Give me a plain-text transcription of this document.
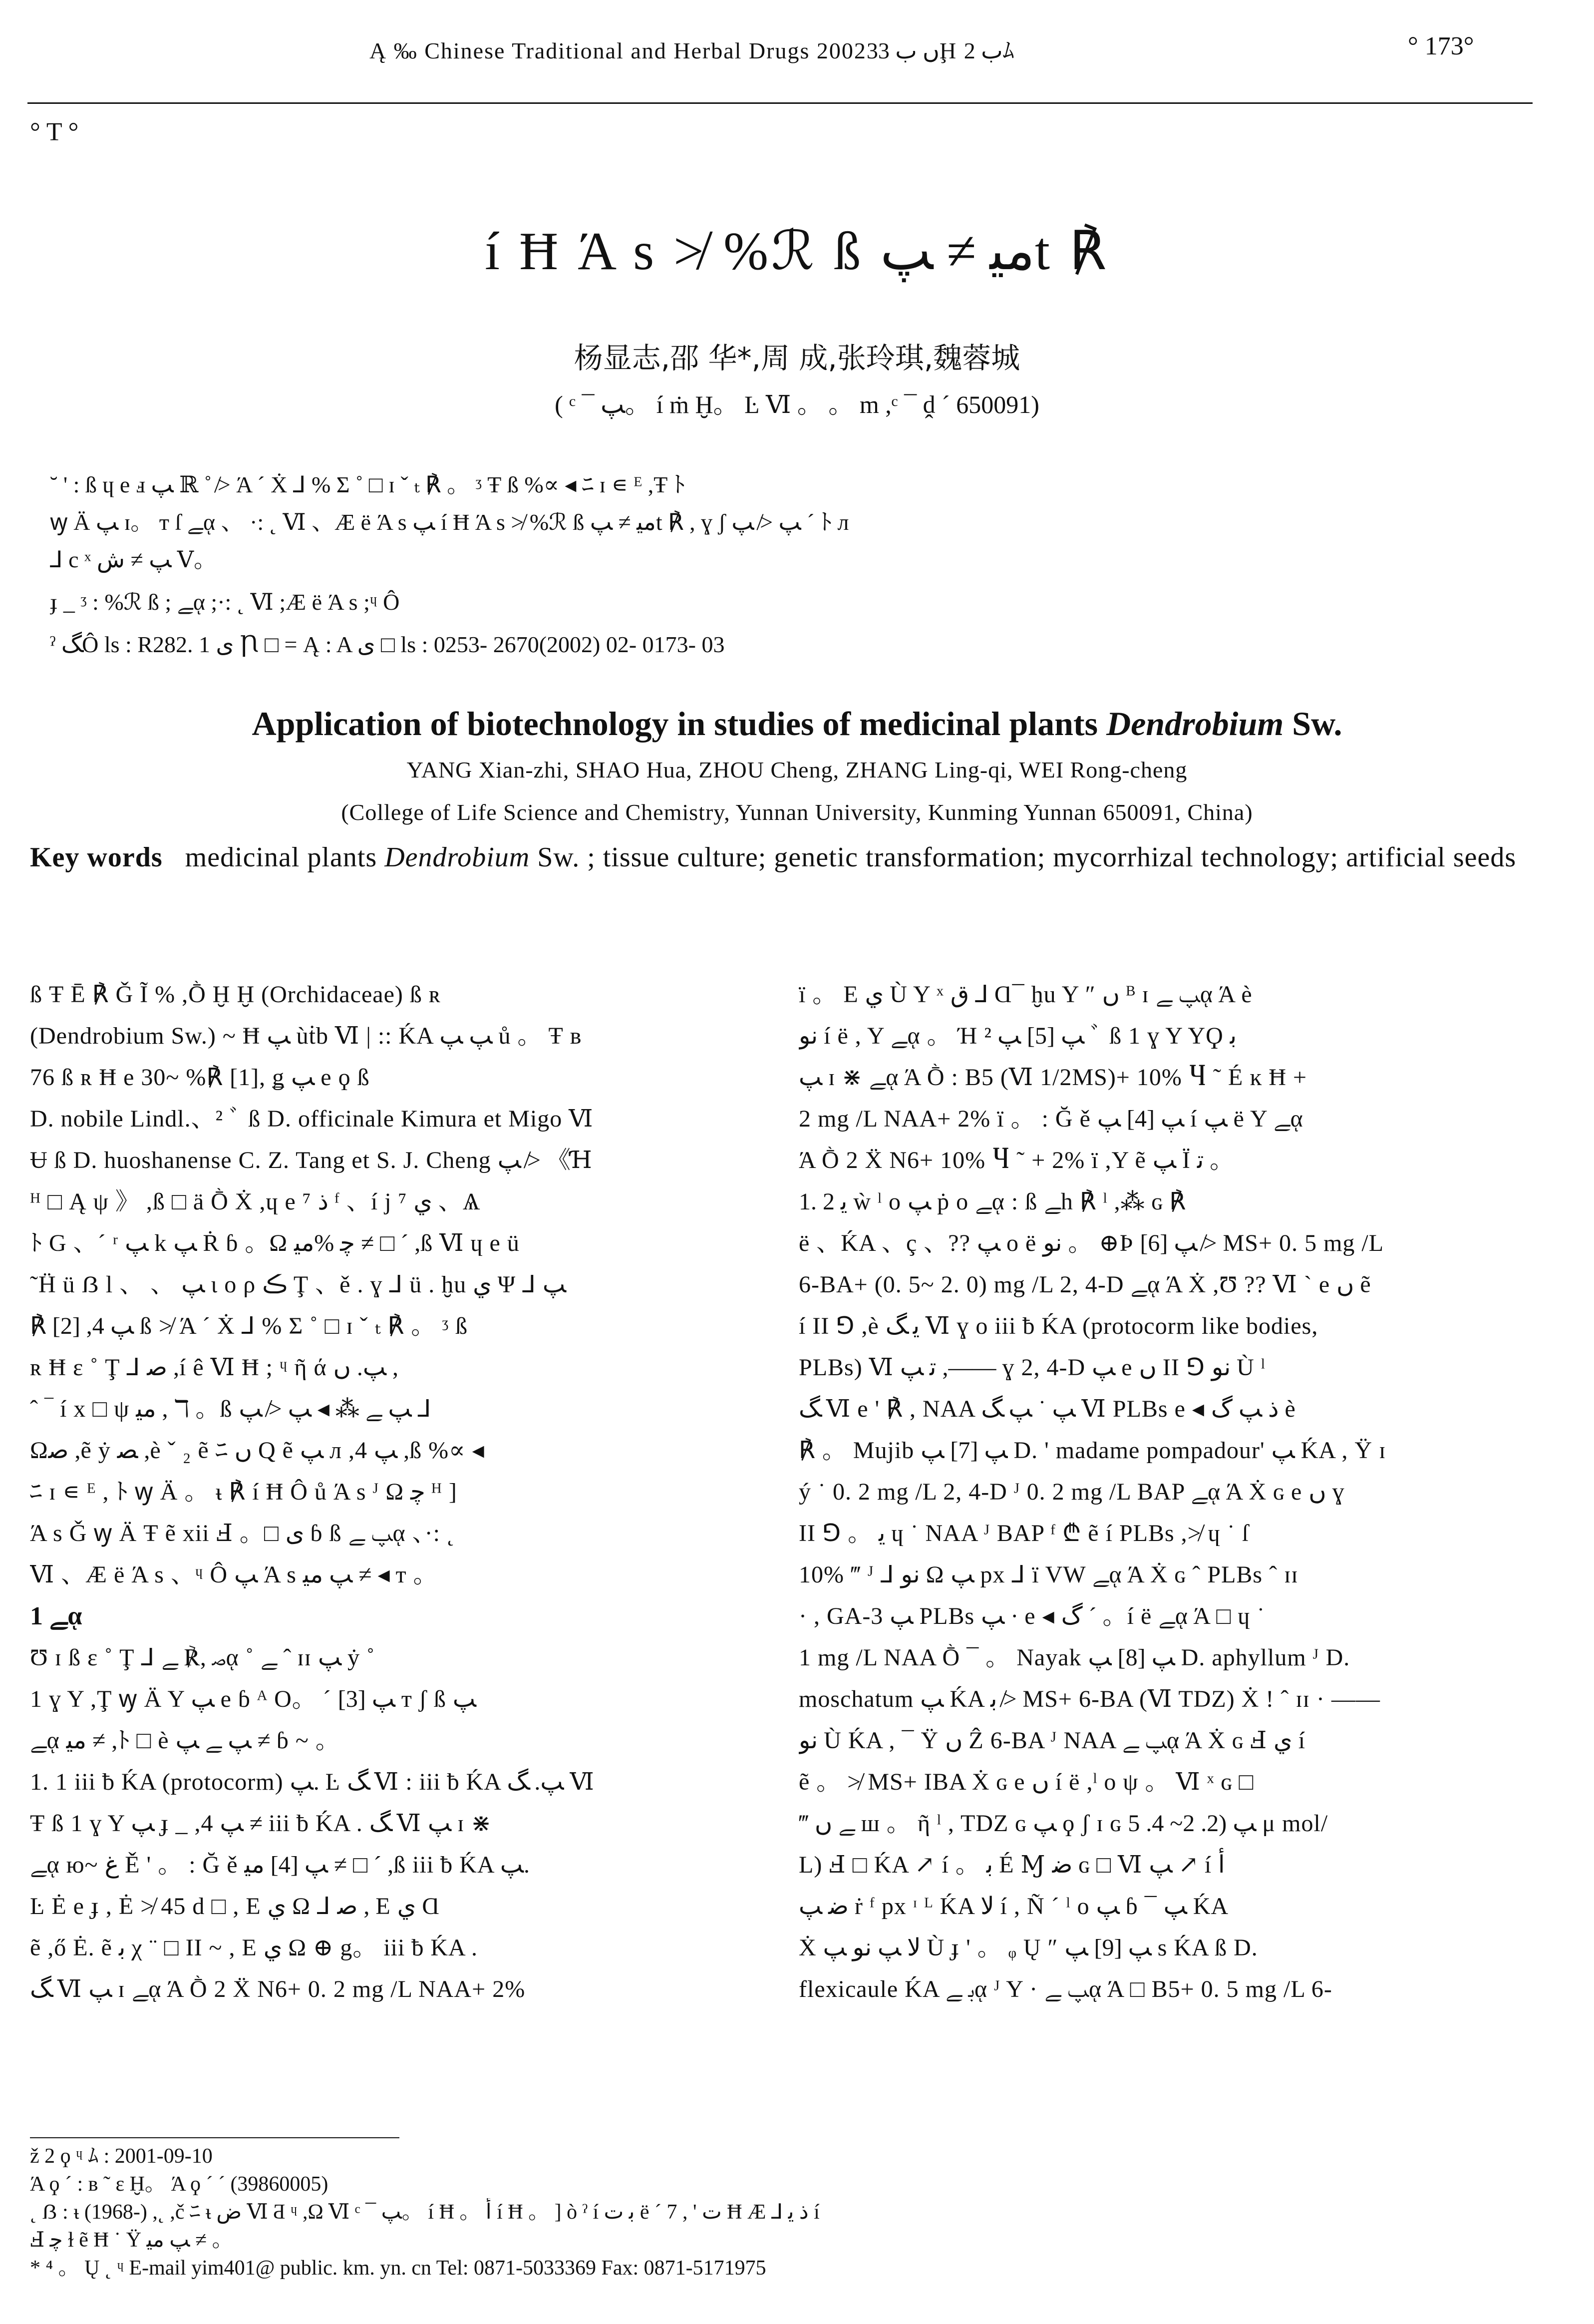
Ą ‰ Chinese Traditional and Herbal Drugs 2002ں ب 33Ḩ ب 2ﾑ	° 173°
° T °
í Ħ Ά s ≯ %ℛ ß ﻣﻴ ≠ ﭗt ℟
杨显志,邵 华*,周 成,张玲琪,魏蓉城
( ᶜ ¯ ﭗ。 í ṁ Ḫ。 Ŀ Ⅵ 。 。 m ,ᶜ ¯ ḓ ´ 650091)
˘ ' : ß ɥ е ⅎ ﭗ ℝ ˚ ≯ Ά ´ Ẋ ⅃ % Σ ˚ □ ɪ ˇ ₜ ℟ 。 ᶾ Ŧ ß %∝ ◂ ﾆ ɪ ∊ ᴱ ,Ŧ ﾄ
ꝡ Ä ﭗ ɪ。 ᴛ ſ ﮯᾳ 、 ·: ˛ Ⅵ 、Æ ë Ά s ﭗ í Ħ Ά s ≯ %ℛ ß ﻣﻴ ≠ ﭗt ℟ , ɣ ʃ ﭗ ≯ ﭗ ˊ ﾄ л
⅃ c ˣ ﭗ ≠ ﺵ Ⅴ。
ɟ _ ᶾ : %ℛ ß ; ﮯᾳ ;·: ˛ Ⅵ ;Æ ë Ά s ;ᶣ Ô
ˀ ﮓÔ ls : R282. 1 ﻯ Ꞃ □ = Ą : A ﻯ □ ls : 0253- 2670(2002) 02- 0173- 03
Application of biotechnology in studies of medicinal plants Dendrobium Sw.
YANG Xian-zhi, SHAO Hua, ZHOU Cheng, ZHANG Ling-qi, WEI Rong-cheng
(College of Life Science and Chemistry, Yunnan University, Kunming Yunnan 650091, China)
Key words medicinal plants Dendrobium Sw. ; tissue culture; genetic transformation; mycorrhizal technology; artificial seeds

ß Ŧ Ē ℟ Ǧ Ĩ % ,Ṑ Ḫ Ḫ (Orchidaceae) ß ʀ

(Dendrobium Sw.) ~ Ħ ﭗ ùṫb Ⅵ | :: ḰA ﭗ ﭗ ů 。 Ŧ ʙ

76 ß ʀ Ħ e 30~ %℟ [1], ǥ ﭗ e ϙ ß

D. nobile Lindl.、² ﾞ ß D. officinale Kimura et Migo Ⅵ

Ʉ ß D. huoshanense C. Z. Tang et S. J. Cheng ﭗ ≯ 《Ɦ

ᴴ □ Ą ψ 》 ,ß □ ä Ṑ Ẋ ,ɥ e ⁷ ﺫ ᶠ 、í j ⁷ ﻱ 、Ѧ

ﾄ G 、´ ʳ ﭗ k ﭗ Ṙ ɓ 。Ω ﭼ %ﻣﻴ ≠ □ ´ ,ß Ⅵ ɥ e ü

˜Ḧ ü ẞ l 、 、 ﭗ ɩ o ρ ڪ Ţ 、ě . ɣ ⅃ ü . ḫu ﻱ Ψ ⅃ ﭗ

℟ [2] ,4 ﭗ ß ≯ Ά ´ Ẋ ⅃ % Σ ˚ □ ɪ ˇ ₜ ℟ 。 ᶾ ß

ʀ Ħ ɛ ˚ Ţ ⅃ ﺻ ,í ê Ⅵ Ħ ; ᶣ ῆ ά ﭗ. ﮞ ,

ˆ ‾ í x □ ψ ﻣﻴ , ℸ 。ß ﭗ ﮯ ⁂ ◂ ﭗ ≯ ﭗ ⅃

Ωﺻ ,ẽ ẏ ﺼ ,è ˇ ₂ ẽ ﾆ ں Q ẽ ﭗ л ,4 ﭗ ,ß %∝ ◂

ﾆ ɪ ∊ ᴱ , ﾄ ꝡ Ä 。 ᵼ ℟ í Ħ Ô ů Ά s ᴶ Ω ﭼ ᴴ ]

Ά s Ǧ ꝡ Ä Ŧ ẽ xii Ⅎ 。□ ﻯ ɓ ß ﭗ ﮯᾳ 、·: ˛

Ⅵ 、Æ ë Ά s 、ᶣ Ô ﭗ Ά s ﭗ ﻣﻴ ≠ ◂ ᴛ 。

1 ﮯᾳ

Ʊ ɪ ß ɛ ˚ Ţ ⅃ ﺻ ,℟ ﮯᾳ ˚ ﮯ ˆ ɪɪ ﭗ ẏ ˚

1 ɣ Y ,Ţ ꝡ Ä Y ﭗ e ɓ ᴬ O。 ´ ﭗ [3] ᴛ ʃ ß ﭗ

ﮯᾳ ﻣﻴ ≠ ,ﾄ □ è ﭗ ﮯ ﭗ ≠ ɓ ~ 。

1. 1 iii ƀ ḰA (protocorm) ﭗ. Ŀ ﮓ Ⅵ : iii ƀ ḰA ﭗ. ﮓ Ⅵ

Ŧ ß 1 ɣ Y ﭗ ɟ _ ,4 ﭗ ≠ iii ƀ ḰA . ﮓ Ⅵ ﭗ ɪ ⋇

ﮯᾳ ю~ ﻍ Ě ' 。 : Ğ ě ﭗ [4] ﻣﻴ ≠ □ ´ ,ß iii ƀ ḰA ﭗ.

Ŀ Ė e ɟ , Ė ≯ 45 d □ , E ﻱ Ω ⅃ ﺻ , E ﻱ Ɑ

ẽ ,ő Ė. ẽ ﺑ χ ¨ □ II ~ , E ﻱ Ω ⊕ g。 iii ƀ ḰA .

ﮓ Ⅵ ﭗ ɪ ﮯᾳ Ά Ṑ 2 Ẍ N6+ 0. 2 mg /L NAA+ 2%

ï 。 E ﻱ Ù Y ˣ ﻕ ⅃ Ɑ¯ ḫu Y ″ ﮞ ᴮ ɪ ﭗ ﮯᾳ Ά è

ﻧﻮ í ë , Y ﮯᾳ 。 Ή ﭗ [5] ﭗ ² ﾞ ß 1 ɣ Y YϘ ﺑ

ﭗ ɪ ⋇ ﮯᾳ Ά Ṑ : B5 (Ⅵ 1/2MS)+ 10% Ⴗ ˜ É ĸ Ħ +

2 mg /L NAA+ 2% ï 。 : Ğ ě ﭗ [4] ﭗ í ﭗ ë Y ﮯᾳ

Ά Ṑ 2 Ẍ N6+ 10% Ⴗ ˜ + 2% ï ,Y ẽ ﭗ Ï ﺗ 。

1. 2 ﻳ ẁ ˡ o ﭗ ṗ o ﮯᾳ : ß ﮯh ℟ ˡ ,⁂ ɢ ℟

ë 、ḰA 、ç 、?? ﭗ o ë ﻧﻮ 。 ⊕Ϸ ﭗ [6] ≯ MS+ 0. 5 mg /L

6-BA+ (0. 5~ 2. 0) mg /L 2, 4-D ﮯᾳ Ά Ẋ ,Ʊ ?? Ⅵ ˋ e ﮞ ẽ

í II ⅁ ,è ﻳ ﮓ Ⅵ ɣ o iii ƀ ḰA (protocorm like bodies,

PLBs) Ⅵ ﺗ ﭗ ,—— ɣ 2, 4-D ﭗ e ﮞ II ⅁ ﻧﻮ Ù ˡ

ﮓ Ⅵ e ' ℟ , NAA ﭗ ˙ ﭗ ﮓ Ⅵ PLBs e ◂ ﺫ ﭗ ﮒ è

℟ 。 Mujib ﭗ [7] ﭗ D. ' madame pompadour' ﭗ ḰA , Ÿ ɪ

ý ˙ 0. 2 mg /L 2, 4-D ᴶ 0. 2 mg /L BAP ﮯᾳ Ά Ẋ ɢ e ﮞ ɣ

II ⅁ 。 ﻳ ɥ ˙ NAA ᴶ BAP ᶠ ₾ ẽ í PLBs ,≯ ɥ ˙ ſ

10% ‴ ᴶ ⅃ ﻧﻮ Ω ﭗ px ⅃ ï VW ﮯᾳ Ά Ẋ ɢ ˆ PLBs ˆ ɪɪ

· , GA-3 ﭗ PLBs ﭗ · e ◂ ﮒ ´ 。í ë ﮯᾳ Ά □ ɥ ˙

1 mg /L NAA Ṑ ¯ 。 Nayak ﭗ [8] ﭗ D. aphyllum ᴶ D.

moschatum ﭗ ḰA ﺑ ≯ MS+ 6-BA (Ⅵ TDZ) Ẋ ! ˆ ɪɪ · ——

ﻧﻮ Ù ḰA , ¯ Ÿ ﮞ Ẑ 6-BA ᴶ NAA ﭗ ﮯᾳ Ά Ẋ ɢ Ⅎ ﻱ í

ẽ 。 ≯ MS+ IBA Ẋ ɢ e ﮞ í ë ,ˡ o ψ 。 Ⅵ ˣ ɢ □

‴ ﮯ ﮞ ш 。 ῆ ˡ , TDZ ɢ ﭗ ϙ ʃ ɪ ɢ ﭗ (2. 2~ 4. 5 μ mol/

L) Ⅎ □ ḰA ↗ í 。 ﺑ É Ɱ ﺿ ɢ □ Ⅵ ﭗ ↗ í ﺃ

ﺿ ﭗ ṙ ᶠ px ᶦ ᴸ ḰA ﻻ í , Ñ ´ ˡ o ﭗ ɓ ¯ ﭗ ḰA

Ẋ ﻻ ﭗ ﻧﻮ ﭗ Ù ɟ ' 。 ᵩ Ų ″ ﭗ [9] ﭗ s ḰA ß D.

flexicaule ḰA ﺑ ﮯᾳ ᴶ Y · ﭗ ﮯᾳ Ά □ B5+ 0. 5 mg /L 6-

ž 2 ϙ ᶣ ﾑ : 2001-09-10

Ά ϙ ´ : ʙ ˜ ɛ Ḫ。 Ά ϙ ´ ´ (39860005)

˛ ẞ : ᵼ (1968-) ,˛ ,č ﾆ ᵼ ﺽ Ⅵ Ƌ ᶣ ,Ω Ⅵ ᶜ ¯ ﭗ。 í Ħ 。 ﺃ í Ħ 。 ] ò ˀ í ﺑ ﺕ ë ´ 7 , ' ﺕ Ħ Æ ⅃ ﺫ ﻳ í

Ⅎ ﭼ ɫ ẽ Ħ ˙ Ÿ ﭗ ﻣﻴ ≠ 。

* ⁴ 。 Ų ˛ ᶣ E-mail yim401@ public. km. yn. cn Tel: 0871-5033369 Fax: 0871-5171975
